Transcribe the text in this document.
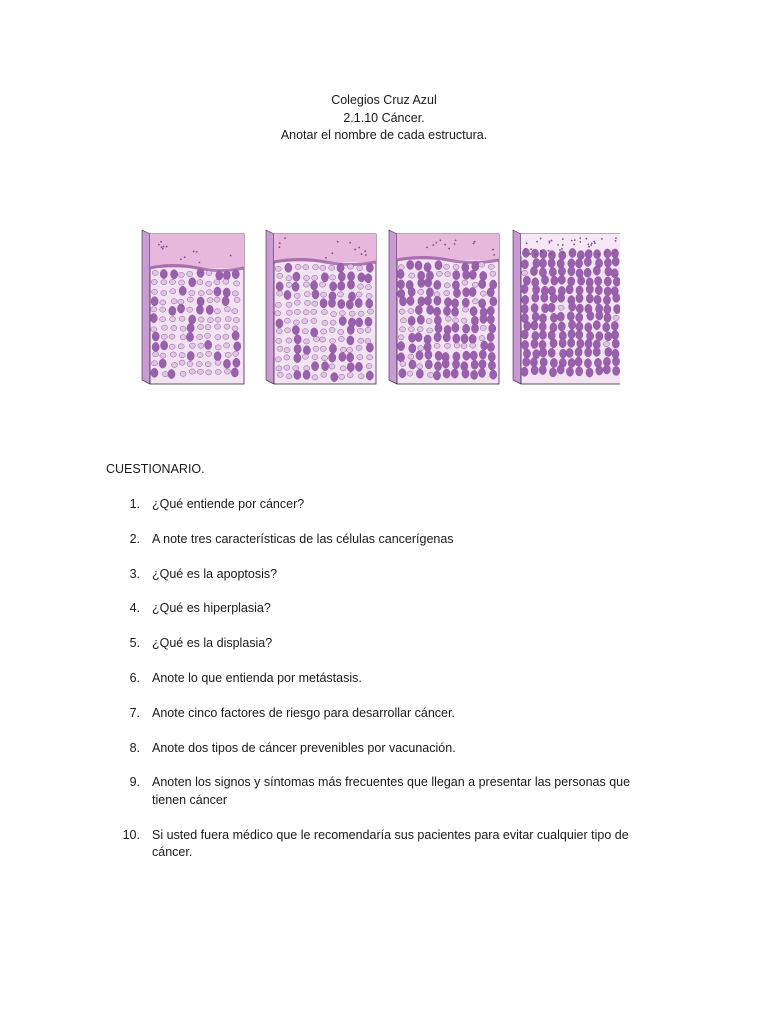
Colegios Cruz Azul
2.1.10 Cáncer.
Anotar el nombre de cada estructura.
CUESTIONARIO.
1. ¿Qué entiende por cáncer?
2. A note tres características de las células cancerígenas
3. ¿Qué es la apoptosis?
4. ¿Qué es hiperplasia?
5. ¿Qué es la displasia?
6. Anote lo que entienda por metástasis.
7. Anote cinco factores de riesgo para desarrollar cáncer.
8. Anote dos tipos de cáncer prevenibles por vacunación.
9. Anoten los signos y síntomas más frecuentes que llegan a presentar las personas que tienen cáncer
10. Si usted fuera médico que le recomendaría sus pacientes para evitar cualquier tipo de cáncer.
